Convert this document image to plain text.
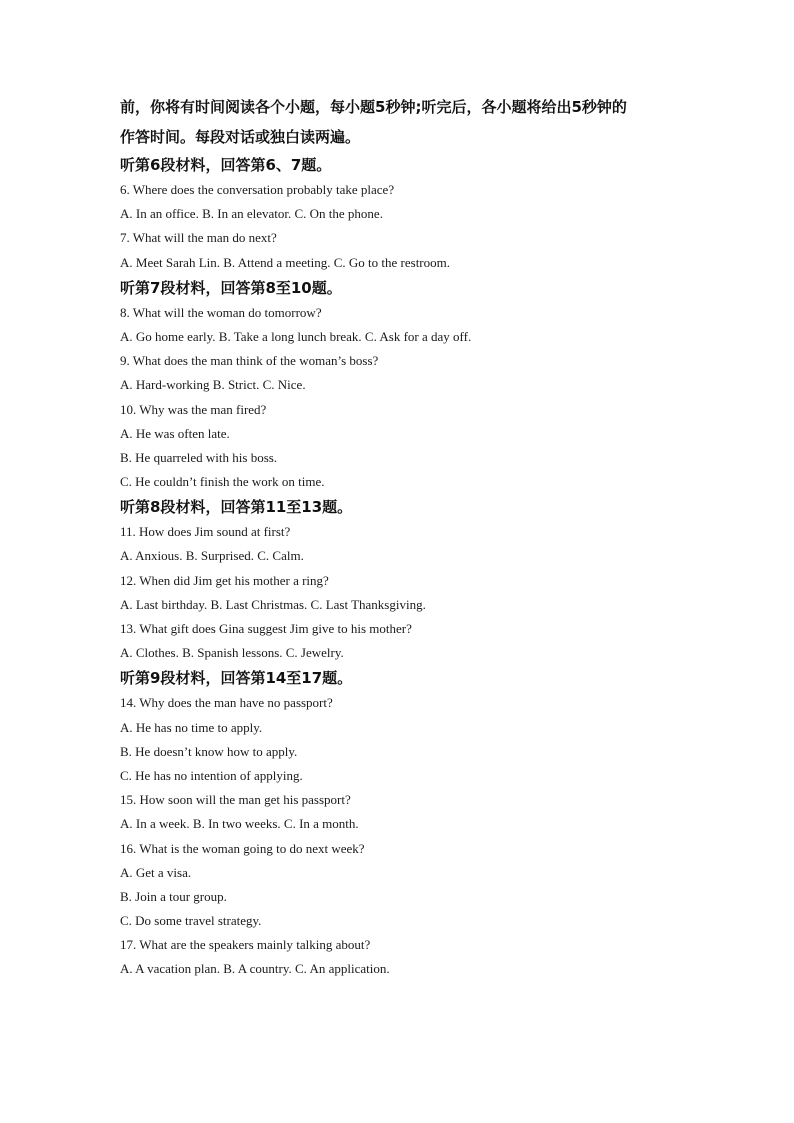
前，你将有时间阅读各个小题，每小题5秒钟;听完后，各小题将给出5秒钟的

作答时间。每段对话或独白读两遍。

听第6段材料，回答第6、7题。

6. Where does the conversation probably take place?

A. In an office. B. In an elevator. C. On the phone.

7. What will the man do next?

A. Meet Sarah Lin. B. Attend a meeting. C. Go to the restroom.

听第7段材料，回答第8至10题。

8. What will the woman do tomorrow?

A. Go home early. B. Take a long lunch break. C. Ask for a day off.

9. What does the man think of the woman’s boss?

A. Hard-working B. Strict. C. Nice.

10. Why was the man fired?

A. He was often late.

B. He quarreled with his boss.

C. He couldn’t finish the work on time.

听第8段材料，回答第11至13题。

11. How does Jim sound at first?

A. Anxious. B. Surprised. C. Calm.

12. When did Jim get his mother a ring?

A. Last birthday. B. Last Christmas. C. Last Thanksgiving.

13. What gift does Gina suggest Jim give to his mother?

A. Clothes. B. Spanish lessons. C. Jewelry.

听第9段材料，回答第14至17题。

14. Why does the man have no passport?

A. He has no time to apply.

B. He doesn’t know how to apply.

C. He has no intention of applying.

15. How soon will the man get his passport?

A. In a week. B. In two weeks. C. In a month.

16. What is the woman going to do next week?

A. Get a visa.

B. Join a tour group.

C. Do some travel strategy.

17. What are the speakers mainly talking about?

A. A vacation plan. B. A country. C. An application.
